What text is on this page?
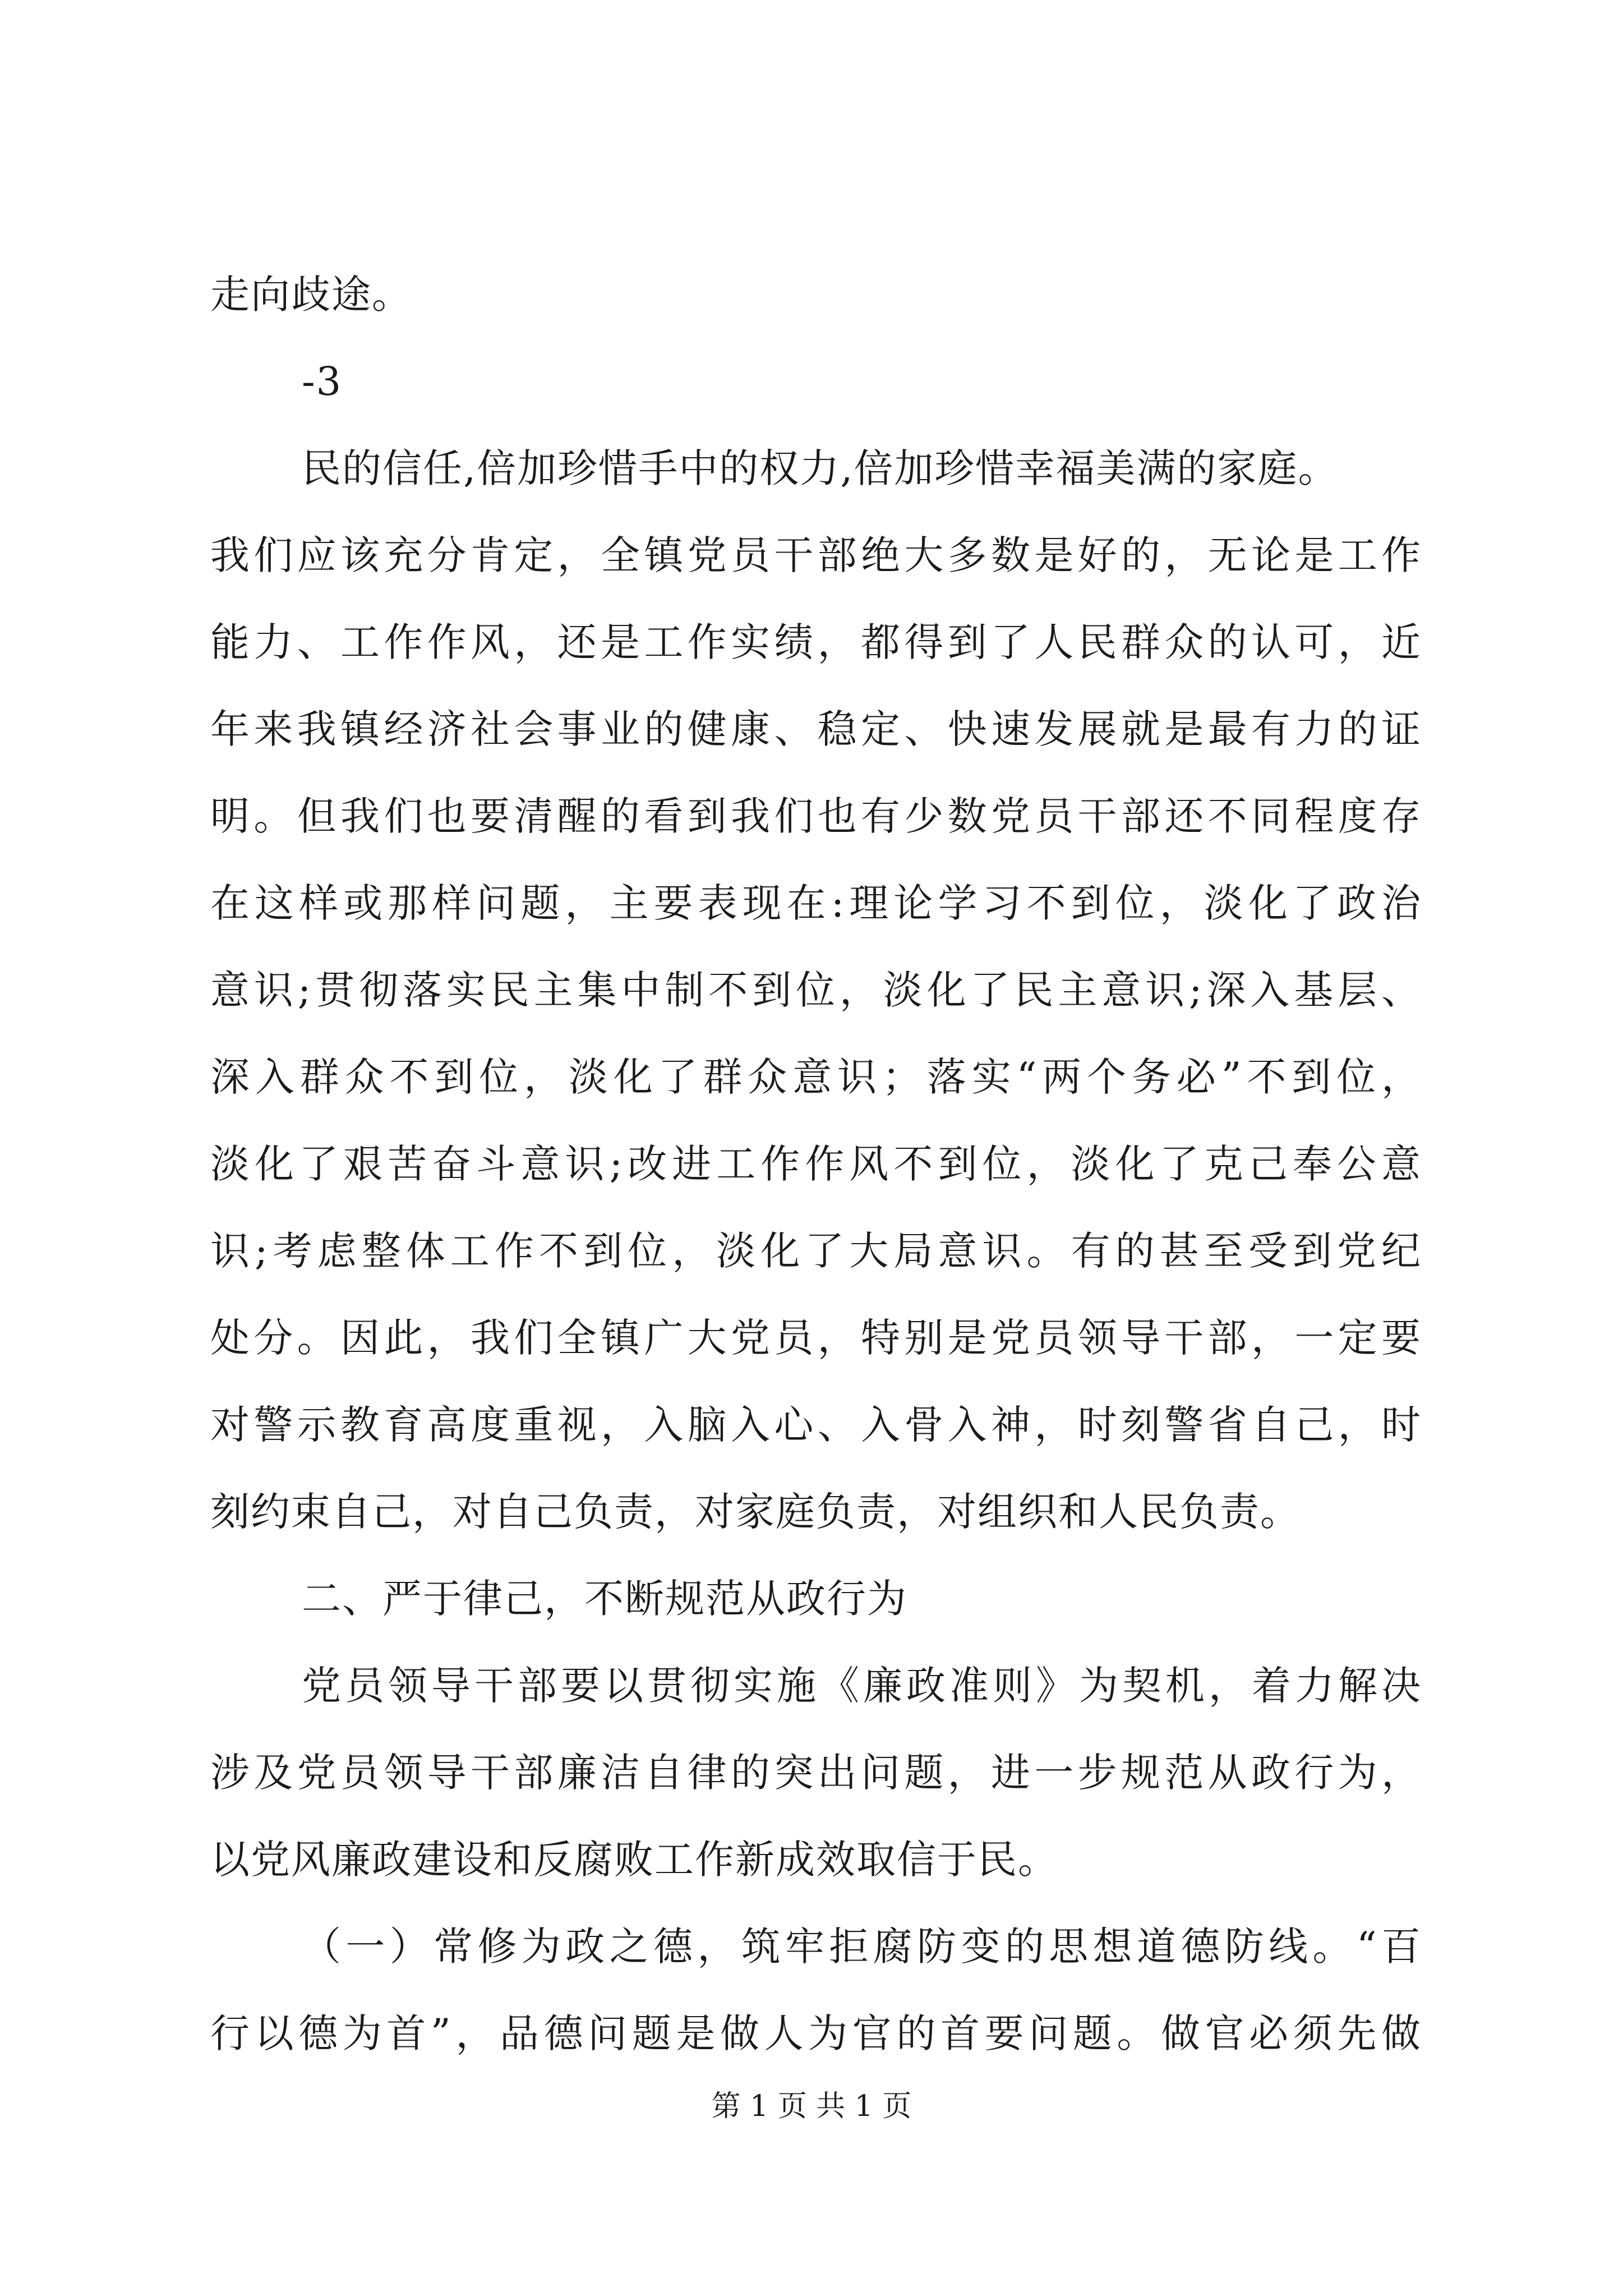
走向歧途。
-3
民的信任,倍加珍惜手中的权力,倍加珍惜幸福美满的家庭。
我们应该充分肯定，全镇党员干部绝大多数是好的，无论是工作
能力、工作作风，还是工作实绩，都得到了人民群众的认可，近
年来我镇经济社会事业的健康、稳定、快速发展就是最有力的证
明。但我们也要清醒的看到我们也有少数党员干部还不同程度存
在这样或那样问题，主要表现在:理论学习不到位，淡化了政治
意识;贯彻落实民主集中制不到位，淡化了民主意识;深入基层、
深入群众不到位，淡化了群众意识；落实“两个务必”不到位，
淡化了艰苦奋斗意识;改进工作作风不到位，淡化了克己奉公意
识;考虑整体工作不到位，淡化了大局意识。有的甚至受到党纪
处分。因此，我们全镇广大党员，特别是党员领导干部，一定要
对警示教育高度重视，入脑入心、入骨入神，时刻警省自己，时
刻约束自己，对自己负责，对家庭负责，对组织和人民负责。
二、严于律己，不断规范从政行为
党员领导干部要以贯彻实施《廉政准则》为契机，着力解决
涉及党员领导干部廉洁自律的突出问题，进一步规范从政行为，
以党风廉政建设和反腐败工作新成效取信于民。
（一）常修为政之德，筑牢拒腐防变的思想道德防线。“百
行以德为首”，品德问题是做人为官的首要问题。做官必须先做
第 1 页 共 1 页
